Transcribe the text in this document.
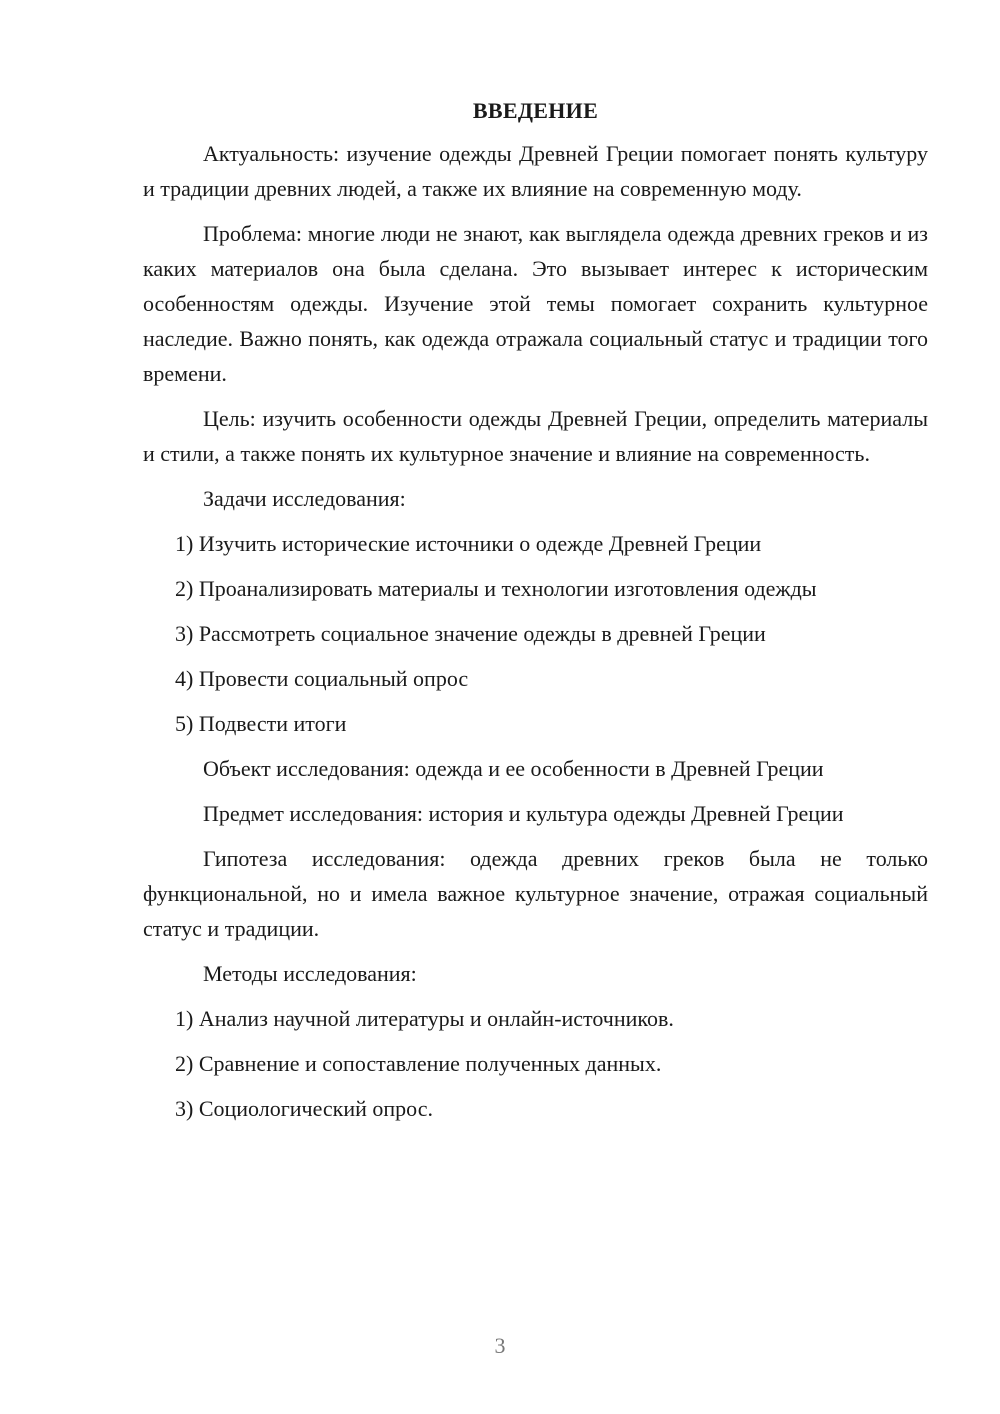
ВВЕДЕНИЕ

Актуальность: изучение одежды Древней Греции помогает понять культуру и традиции древних людей, а также их влияние на современную моду.

Проблема: многие люди не знают, как выглядела одежда древних греков и из каких материалов она была сделана. Это вызывает интерес к историческим особенностям одежды. Изучение этой темы помогает сохранить культурное наследие. Важно понять, как одежда отражала социальный статус и традиции того времени.

Цель: изучить особенности одежды Древней Греции, определить материалы и стили, а также понять их культурное значение и влияние на современность.

Задачи исследования:
1) Изучить исторические источники о одежде Древней Греции
2) Проанализировать материалы и технологии изготовления одежды
3) Рассмотреть социальное значение одежды в древней Греции
4) Провести социальный опрос
5) Подвести итоги
Объект исследования: одежда и ее особенности в Древней Греции
Предмет исследования: история и культура одежды Древней Греции

Гипотеза исследования: одежда древних греков была не только функциональной, но и имела важное культурное значение, отражая социальный статус и традиции.

Методы исследования:
1) Анализ научной литературы и онлайн-источников.
2) Сравнение и сопоставление полученных данных.
3) Социологический опрос.
3
